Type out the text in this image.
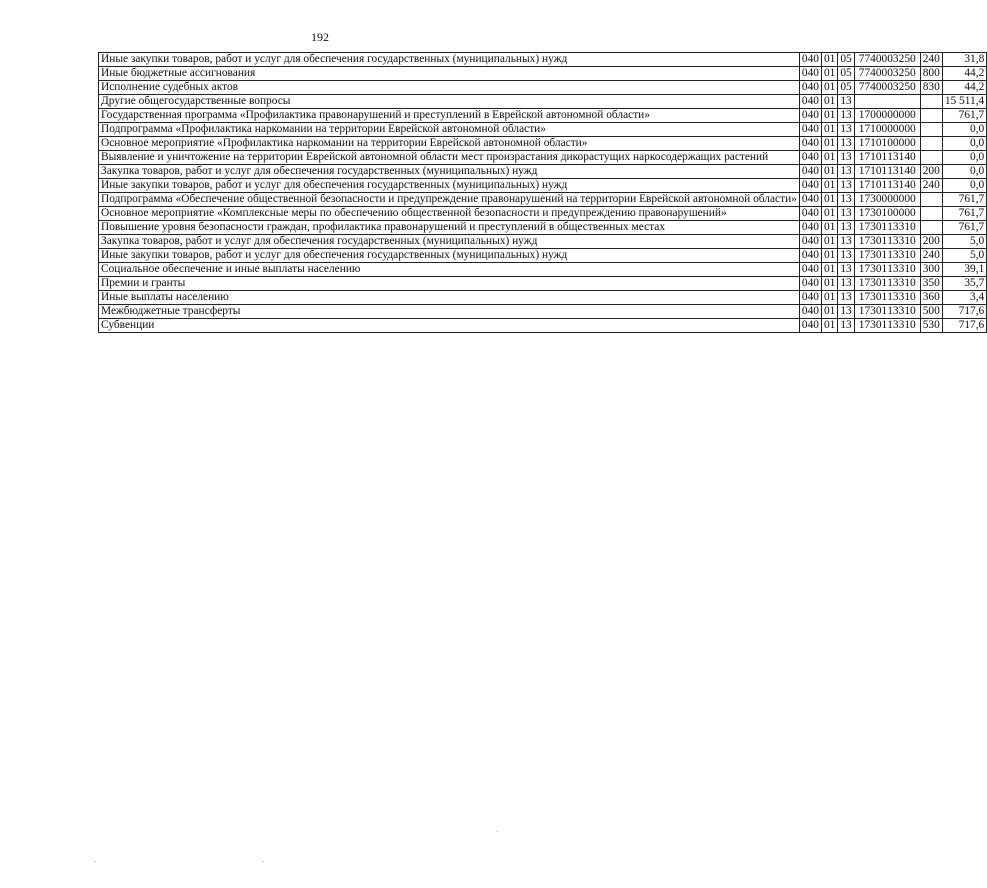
192
Иные закупки товаров, работ и услуг для обеспечения государственных (муниципальных) нужд	040	01	05	77 4 00 03250	240	31,8
Иные бюджетные ассигнования	040	01	05	77 4 00 03250	800	44,2
Исполнение судебных актов	040	01	05	77 4 00 03250	830	44,2
Другие общегосударственные вопросы	040	01	13			15 511,4
Государственная программа «Профилактика правонарушений и преступлений в Еврейской автономной области»	040	01	13	17 0 00 00000		761,7
Подпрограмма «Профилактика наркомании на территории Еврейской автономной области»	040	01	13	17 1 00 00000		0,0
Основное мероприятие «Профилактика наркомании на территории Еврейской автономной области»	040	01	13	17 1 01 00000		0,0
Выявление и уничтожение на территории Еврейской автономной области мест произрастания дикорастущих наркосодержащих растений	040	01	13	17 1 01 13140		0,0
Закупка товаров, работ и услуг для обеспечения государственных (муниципальных) нужд	040	01	13	17 1 01 13140	200	0,0
Иные закупки товаров, работ и услуг для обеспечения государственных (муниципальных) нужд	040	01	13	17 1 01 13140	240	0,0
Подпрограмма «Обеспечение общественной безопасности и предупреждение правонарушений на территории Еврейской автономной области»	040	01	13	17 3 00 00000		761,7
Основное мероприятие «Комплексные меры по обеспечению общественной безопасности и предупреждению правонарушений»	040	01	13	17 3 01 00000		761,7
Повышение уровня безопасности граждан, профилактика правонарушений и преступлений в общественных местах	040	01	13	17 3 01 13310		761,7
Закупка товаров, работ и услуг для обеспечения государственных (муниципальных) нужд	040	01	13	17 3 01 13310	200	5,0
Иные закупки товаров, работ и услуг для обеспечения государственных (муниципальных) нужд	040	01	13	17 3 01 13310	240	5,0
Социальное обеспечение и иные выплаты населению	040	01	13	17 3 01 13310	300	39,1
Премии и гранты	040	01	13	17 3 01 13310	350	35,7
Иные выплаты населению	040	01	13	17 3 01 13310	360	3,4
Межбюджетные трансферты	040	01	13	17 3 01 13310	500	717,6
Субвенции	040	01	13	17 3 01 13310	530	717,6
·
·	·
